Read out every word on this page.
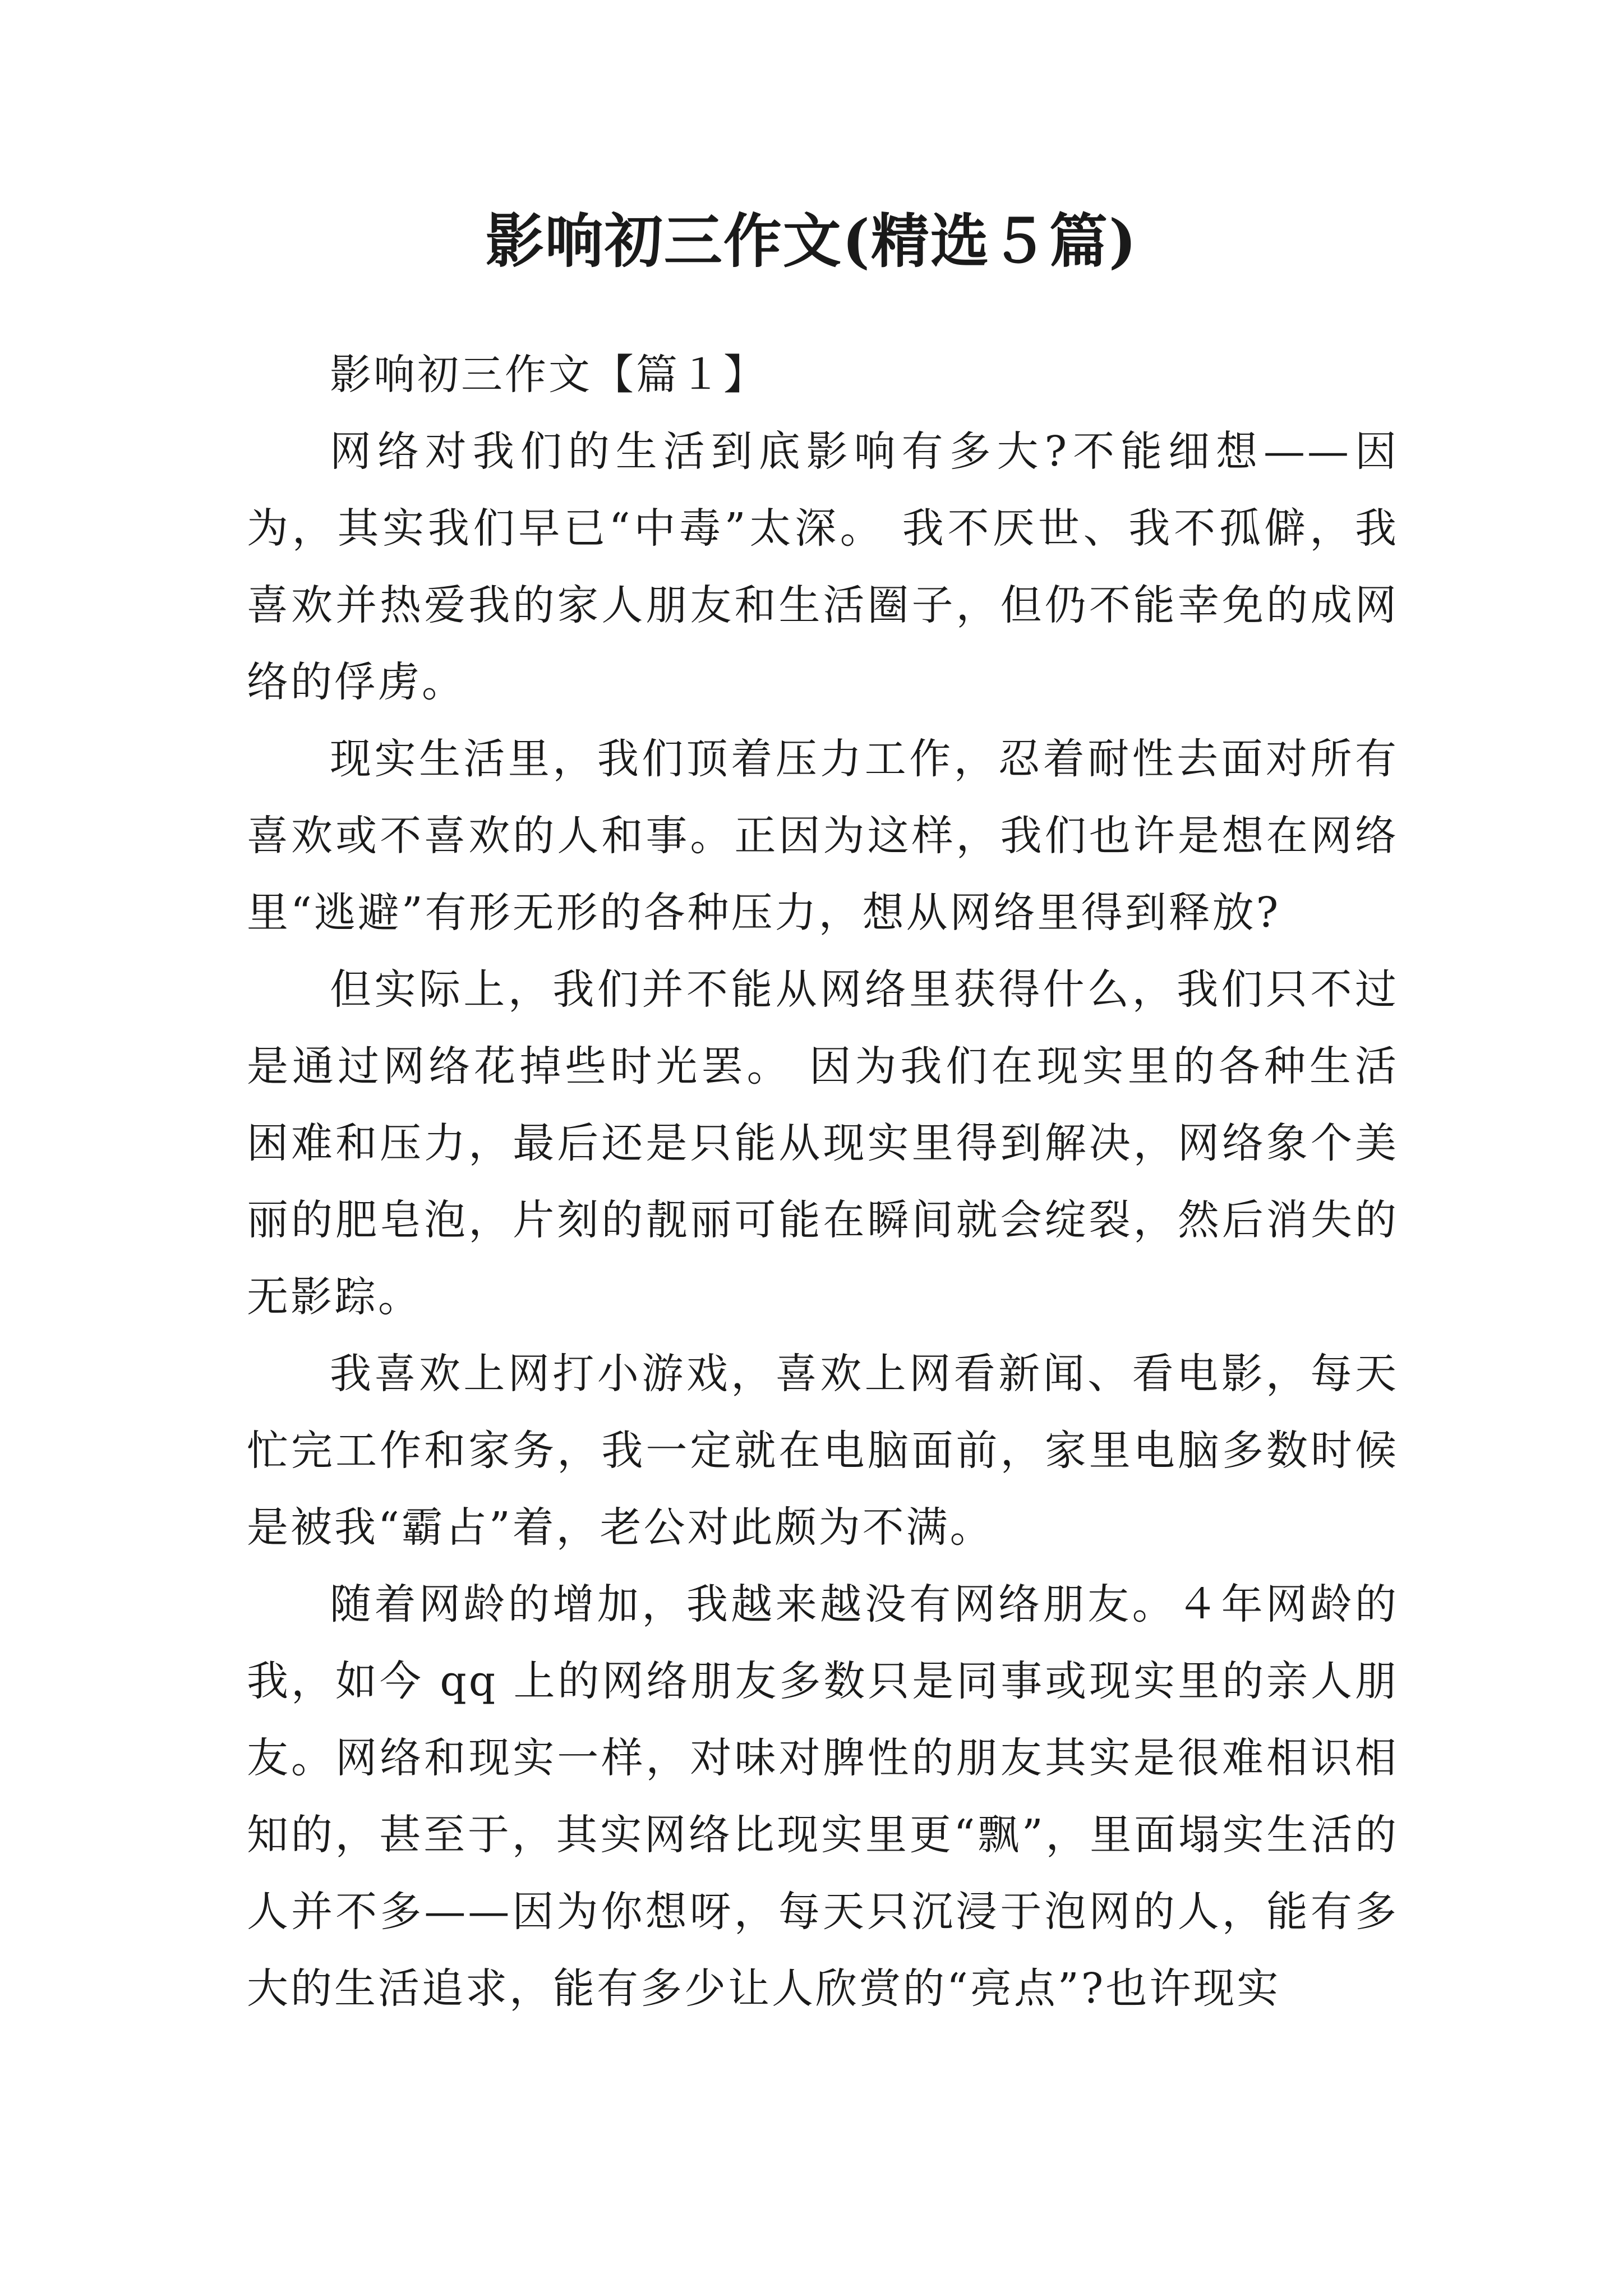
影响初三作文(精选５篇)

影响初三作文【篇１】

网络对我们的生活到底影响有多大?不能细想——因为，其实我们早已“中毒”太深。 我不厌世、我不孤僻，我喜欢并热爱我的家人朋友和生活圈子，但仍不能幸免的成网络的俘虏。

现实生活里，我们顶着压力工作，忍着耐性去面对所有喜欢或不喜欢的人和事。正因为这样，我们也许是想在网络里“逃避”有形无形的各种压力，想从网络里得到释放?

但实际上，我们并不能从网络里获得什么，我们只不过是通过网络花掉些时光罢。 因为我们在现实里的各种生活困难和压力，最后还是只能从现实里得到解决，网络象个美丽的肥皂泡，片刻的靓丽可能在瞬间就会绽裂，然后消失的无影踪。

我喜欢上网打小游戏，喜欢上网看新闻、看电影，每天忙完工作和家务，我一定就在电脑面前，家里电脑多数时候是被我“霸占”着，老公对此颇为不满。

随着网龄的增加，我越来越没有网络朋友。４年网龄的我，如今 qq 上的网络朋友多数只是同事或现实里的亲人朋友。网络和现实一样，对味对脾性的朋友其实是很难相识相知的，甚至于，其实网络比现实里更“飘”，里面塌实生活的人并不多——因为你想呀，每天只沉浸于泡网的人，能有多大的生活追求，能有多少让人欣赏的“亮点”?也许现实
